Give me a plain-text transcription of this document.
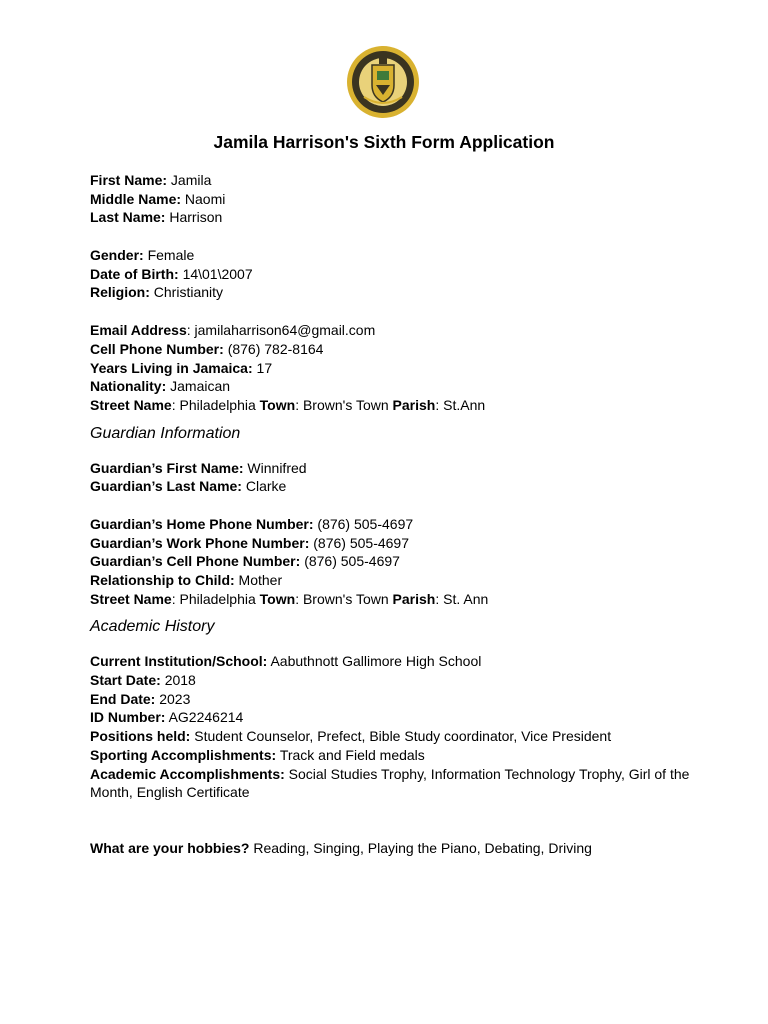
Jamila Harrison's Sixth Form Application
First Name: Jamila
Middle Name: Naomi
Last Name: Harrison
Gender: Female
Date of Birth: 14\01\2007
Religion: Christianity
Email Address: jamilaharrison64@gmail.com
Cell Phone Number: (876) 782-8164
Years Living in Jamaica: 17
Nationality: Jamaican
Street Name: Philadelphia Town: Brown's Town Parish: St.Ann
Guardian Information
Guardian’s First Name: Winnifred
Guardian’s Last Name: Clarke
Guardian’s Home Phone Number: (876) 505-4697
Guardian’s Work Phone Number: (876) 505-4697
Guardian’s Cell Phone Number: (876) 505-4697
Relationship to Child: Mother
Street Name: Philadelphia Town: Brown's Town Parish: St. Ann
Academic History
Current Institution/School: Aabuthnott Gallimore High School
Start Date: 2018
End Date: 2023
ID Number: AG2246214
Positions held: Student Counselor, Prefect, Bible Study coordinator, Vice President
Sporting Accomplishments: Track and Field medals
Academic Accomplishments: Social Studies Trophy, Information Technology Trophy, Girl of the Month, English Certificate
What are your hobbies? Reading, Singing, Playing the Piano, Debating, Driving
